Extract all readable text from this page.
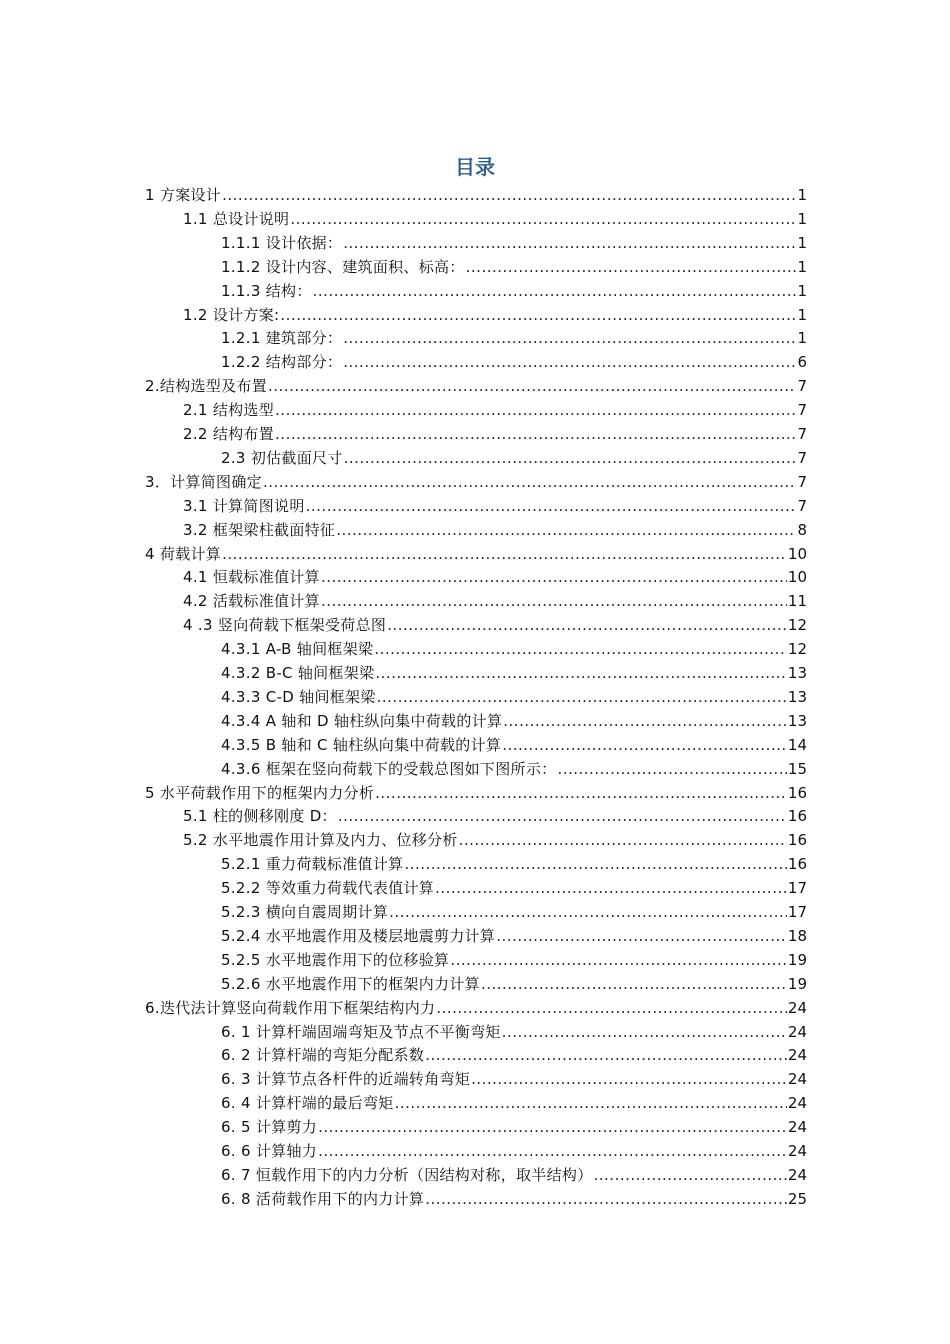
目录
1 方案设计 .....	1
1.1 总设计说明 .....	1
1.1.1 设计依据： .....	1
1.1.2 设计内容、建筑面积、标高： .....	1
1.1.3 结构： .....	1
1.2 设计方案: .....	1
1.2.1 建筑部分： .....	1
1.2.2 结构部分： .....	6
2.结构选型及布置 .....	7
2.1 结构选型 .....	7
2.2 结构布置 .....	7
2.3 初估截面尺寸 .....	7
3．计算简图确定 .....	7
3.1 计算简图说明 .....	7
3.2 框架梁柱截面特征 .....	8
4 荷载计算 .....	10
4.1 恒载标准值计算 .....	10
4.2 活载标准值计算 .....	11
4 .3 竖向荷载下框架受荷总图 .....	12
4.3.1 A-B 轴间框架梁 .....	12
4.3.2 B-C 轴间框架梁 .....	13
4.3.3 C-D 轴间框架梁 .....	13
4.3.4 A 轴和 D 轴柱纵向集中荷载的计算 .....	13
4.3.5 B 轴和 C 轴柱纵向集中荷载的计算 .....	14
4.3.6 框架在竖向荷载下的受载总图如下图所示： .....	15
5 水平荷载作用下的框架内力分析 .....	16
5.1 柱的侧移刚度 D： .....	16
5.2 水平地震作用计算及内力、位移分析 .....	16
5.2.1 重力荷载标准值计算 .....	16
5.2.2 等效重力荷载代表值计算 .....	17
5.2.3 横向自震周期计算 .....	17
5.2.4 水平地震作用及楼层地震剪力计算 .....	18
5.2.5 水平地震作用下的位移验算 .....	19
5.2.6 水平地震作用下的框架内力计算 .....	19
6.迭代法计算竖向荷载作用下框架结构内力 .....	24
6. 1 计算杆端固端弯矩及节点不平衡弯矩 .....	24
6. 2 计算杆端的弯矩分配系数 .....	24
6. 3 计算节点各杆件的近端转角弯矩 .....	24
6. 4 计算杆端的最后弯矩 .....	24
6. 5 计算剪力 .....	24
6. 6 计算轴力 .....	24
6. 7 恒载作用下的内力分析（因结构对称，取半结构） .....	24
6. 8 活荷载作用下的内力计算 .....	25
